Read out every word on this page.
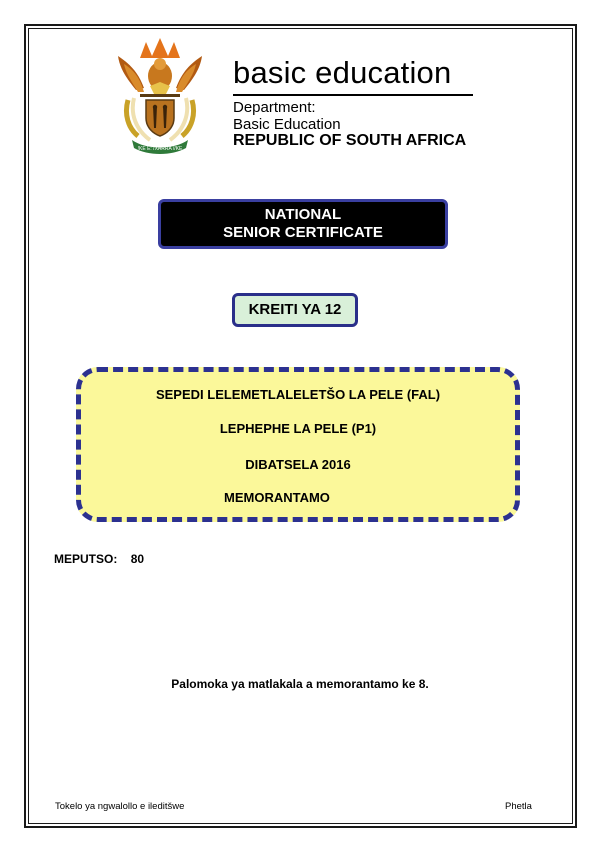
!KE E: /XARRA //KE
basic education
Department:
Basic Education
REPUBLIC OF SOUTH AFRICA
NATIONAL
SENIOR CERTIFICATE
KREITI YA 12
SEPEDI LELEMETLALELETŠO LA PELE (FAL)
LEPHEPHE LA PELE (P1)
DIBATSELA 2016
MEMORANTAMO
MEPUTSO: 80
Palomoka ya matlakala a memorantamo ke 8.
Tokelo ya ngwalollo e ileditšwe	Phetla
